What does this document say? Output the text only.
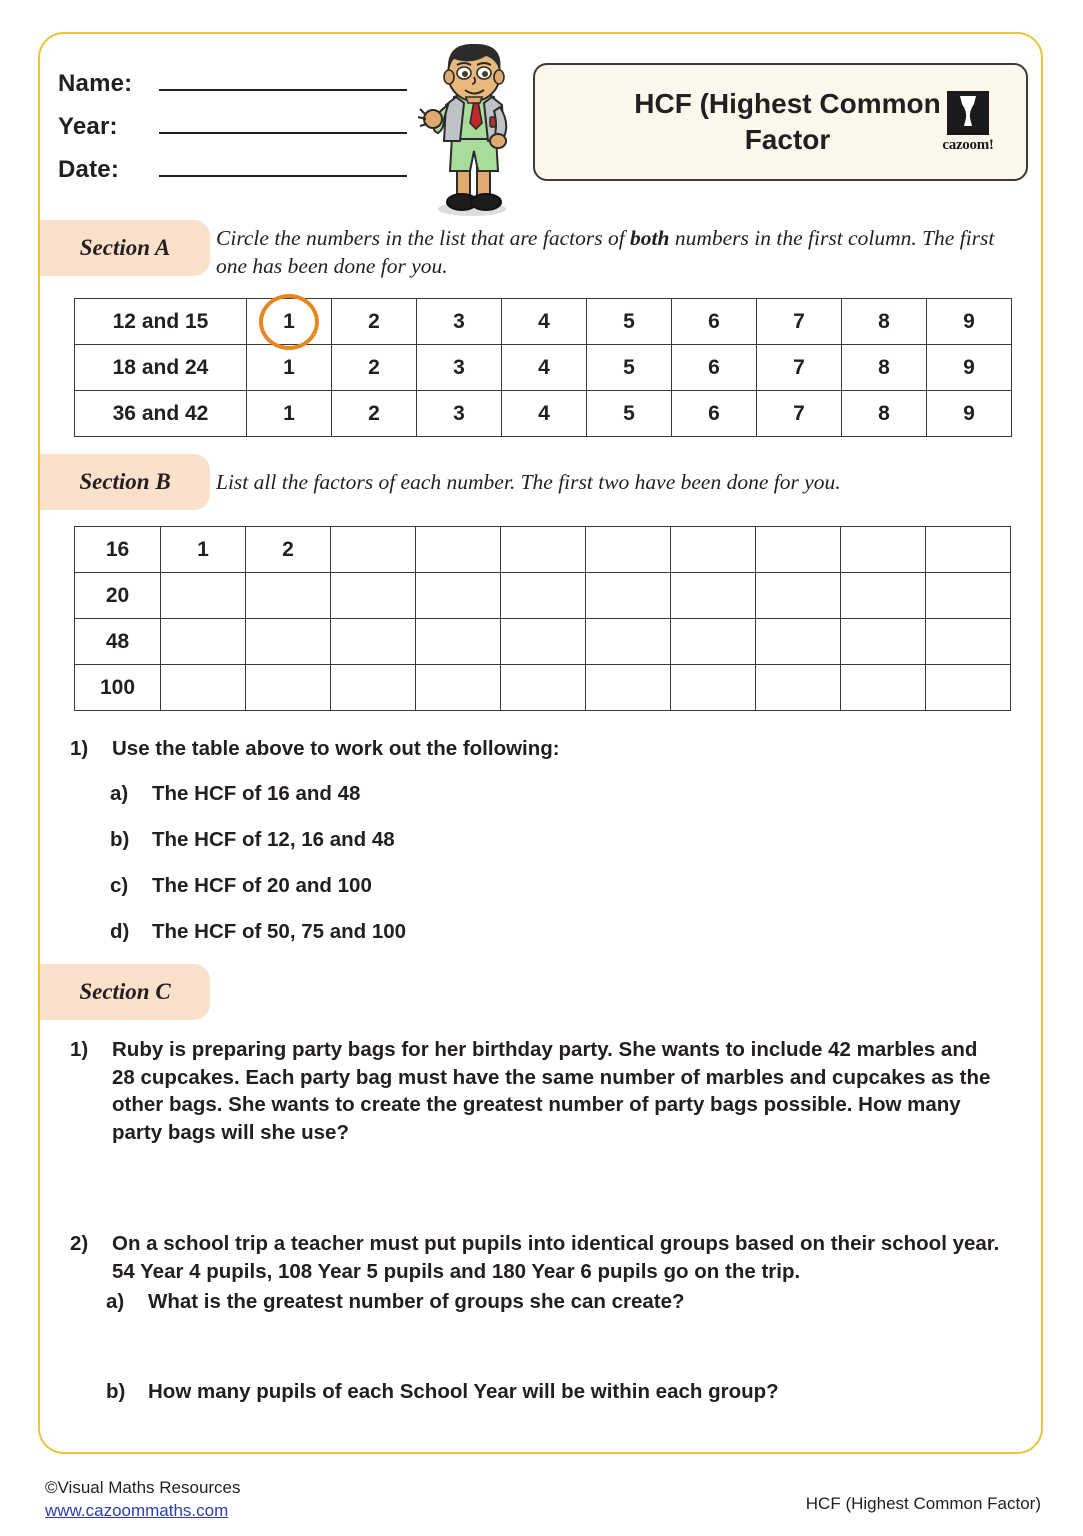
Name:
Year:
Date:
HCF (Highest Common Factor	cazoom!
Section A	Circle the numbers in the list that are factors of both numbers in the first column. The first one has been done for you.
12 and 15	1	2	3	4	5	6	7	8	9
18 and 24	1	2	3	4	5	6	7	8	9
36 and 42	1	2	3	4	5	6	7	8	9
Section B	List all the factors of each number. The first two have been done for you.
16	1	2								
20										
48										
100										
1)	Use the table above to work out the following:
a)	The HCF of 16 and 48
b)	The HCF of 12, 16 and 48
c)	The HCF of 20 and 100
d)	The HCF of 50, 75 and 100
Section C
1)	Ruby is preparing party bags for her birthday party. She wants to include 42 marbles and 28 cupcakes. Each party bag must have the same number of marbles and cupcakes as the other bags. She wants to create the greatest number of party bags possible. How many party bags will she use?
2)	On a school trip a teacher must put pupils into identical groups based on their school year. 54 Year 4 pupils, 108 Year 5 pupils and 180 Year 6 pupils go on the trip.
a)	What is the greatest number of groups she can create?
b)	How many pupils of each School Year will be within each group?
©Visual Maths Resources
www.cazoommaths.com	HCF (Highest Common Factor)
